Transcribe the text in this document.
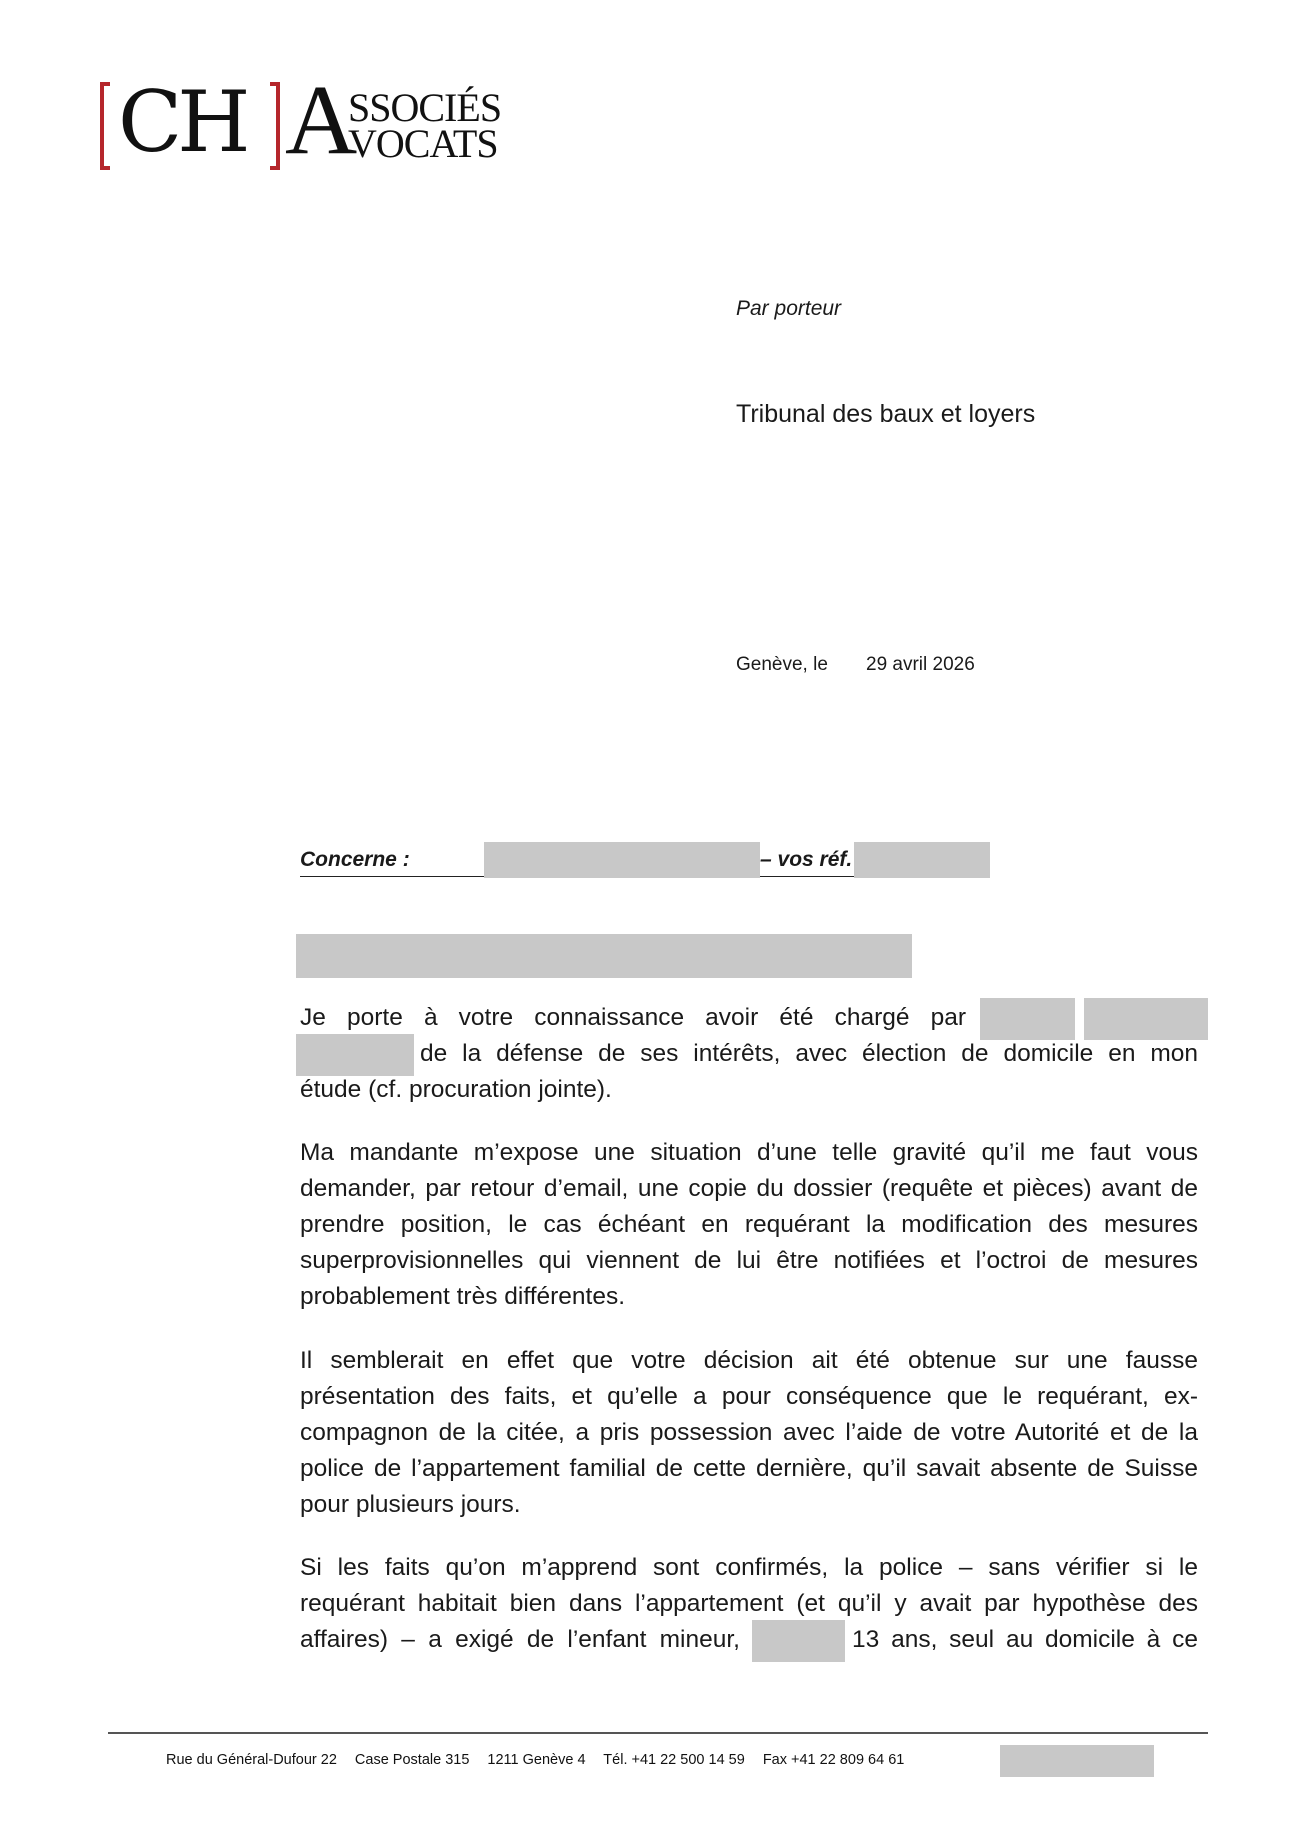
CH A
SSOCIÉS
VOCATS
Par porteur
Tribunal des baux et loyers
Genève, le 29 avril 2026
Concerne :	– vos réf.
Je porte à votre connaissance avoir été chargé par
de la défense de ses intérêts, avec élection de domicile en mon
étude (cf. procuration jointe).

Ma mandante m’expose une situation d’une telle gravité qu’il me faut vous demander, par retour d’email, une copie du dossier (requête et pièces) avant de prendre position, le cas échéant en requérant la modification des mesures superprovisionnelles qui viennent de lui être notifiées et l’octroi de mesures probablement très différentes.

Il semblerait en effet que votre décision ait été obtenue sur une fausse présentation des faits, et qu’elle a pour conséquence que le requérant, ex-compagnon de la citée, a pris possession avec l’aide de votre Autorité et de la police de l’appartement familial de cette dernière, qu’il savait absente de Suisse pour plusieurs jours.

Si les faits qu’on m’apprend sont confirmés, la police – sans vérifier si le
requérant habitait bien dans l’appartement (et qu’il y avait par hypothèse des
affaires) – a exigé de l’enfant mineur,	13 ans, seul au domicile à ce
Rue du Général-Dufour 22 Case Postale 315 1211 Genève 4 Tél. +41 22 500 14 59 Fax +41 22 809 64 61
